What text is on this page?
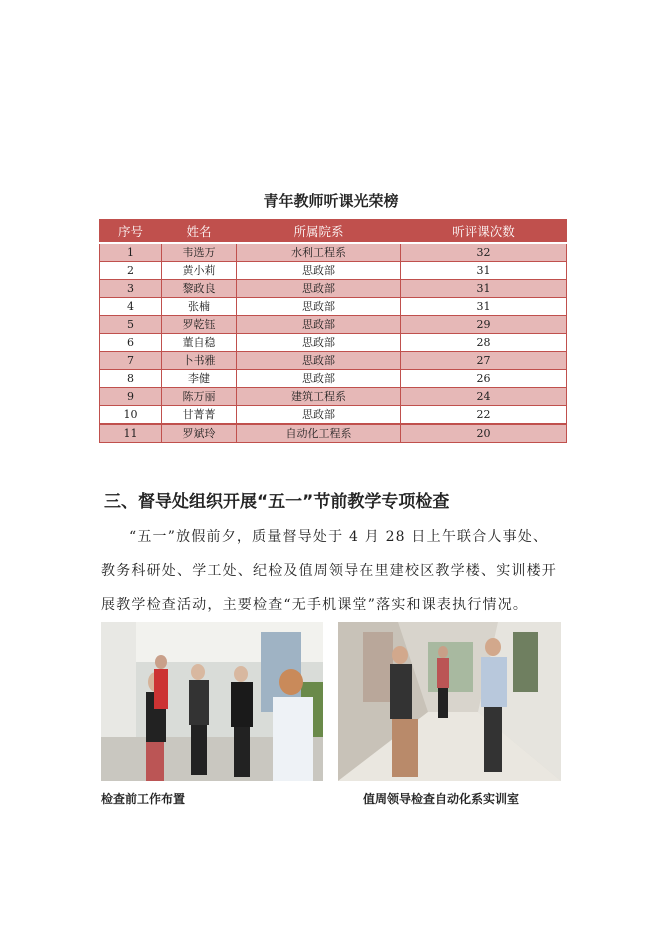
青年教师听课光荣榜
序号	姓名	所属院系	听评课次数
1	韦选万	水利工程系	32
2	黄小莉	思政部	31
3	黎政良	思政部	31
4	张楠	思政部	31
5	罗乾钰	思政部	29
6	董自稳	思政部	28
7	卜书雅	思政部	27
8	李健	思政部	26
9	陈万丽	建筑工程系	24
10	甘菁菁	思政部	22
11	罗斌玲	自动化工程系	20
三、督导处组织开展“五一”节前教学专项检查
“五一”放假前夕，质量督导处于 4 月 28 日上午联合人事处、教务科研处、学工处、纪检及值周领导在里建校区教学楼、实训楼开展教学检查活动，主要检查“无手机课堂”落实和课表执行情况。
检查前工作布置	值周领导检查自动化系实训室
